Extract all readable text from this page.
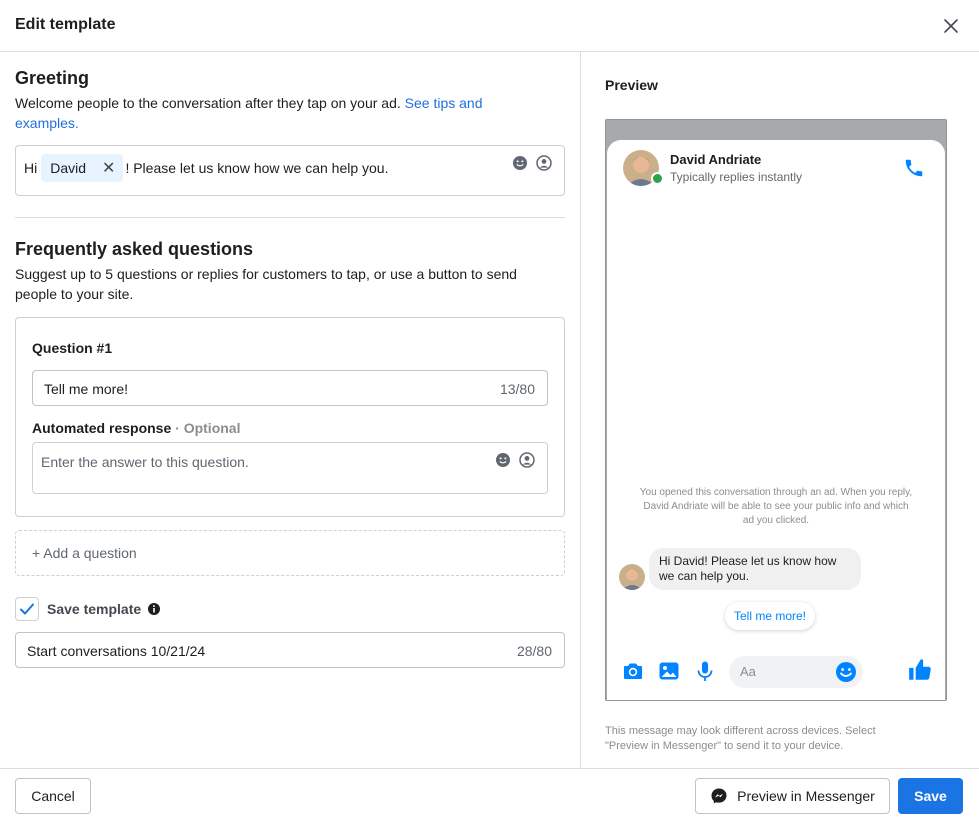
Edit template
Greeting
Welcome people to the conversation after they tap on your ad. See tips and
examples.
Hi David ✕ ! Please let us know how we can help you.
Frequently asked questions
Suggest up to 5 questions or replies for customers to tap, or use a button to send
people to your site.
Question #1
Tell me more!	13/80
Automated response · Optional
Enter the answer to this question.
+ Add a question
Save template
Start conversations 10/21/24	28/80
Preview
David Andriate
Typically replies instantly
You opened this conversation through an ad. When you reply, David Andriate will be able to see your public info and which ad you clicked.
Hi David! Please let us know how we can help you.
Tell me more!
Aa
This message may look different across devices. Select
"Preview in Messenger" to send it to your device.
Cancel	Preview in Messenger	Save
